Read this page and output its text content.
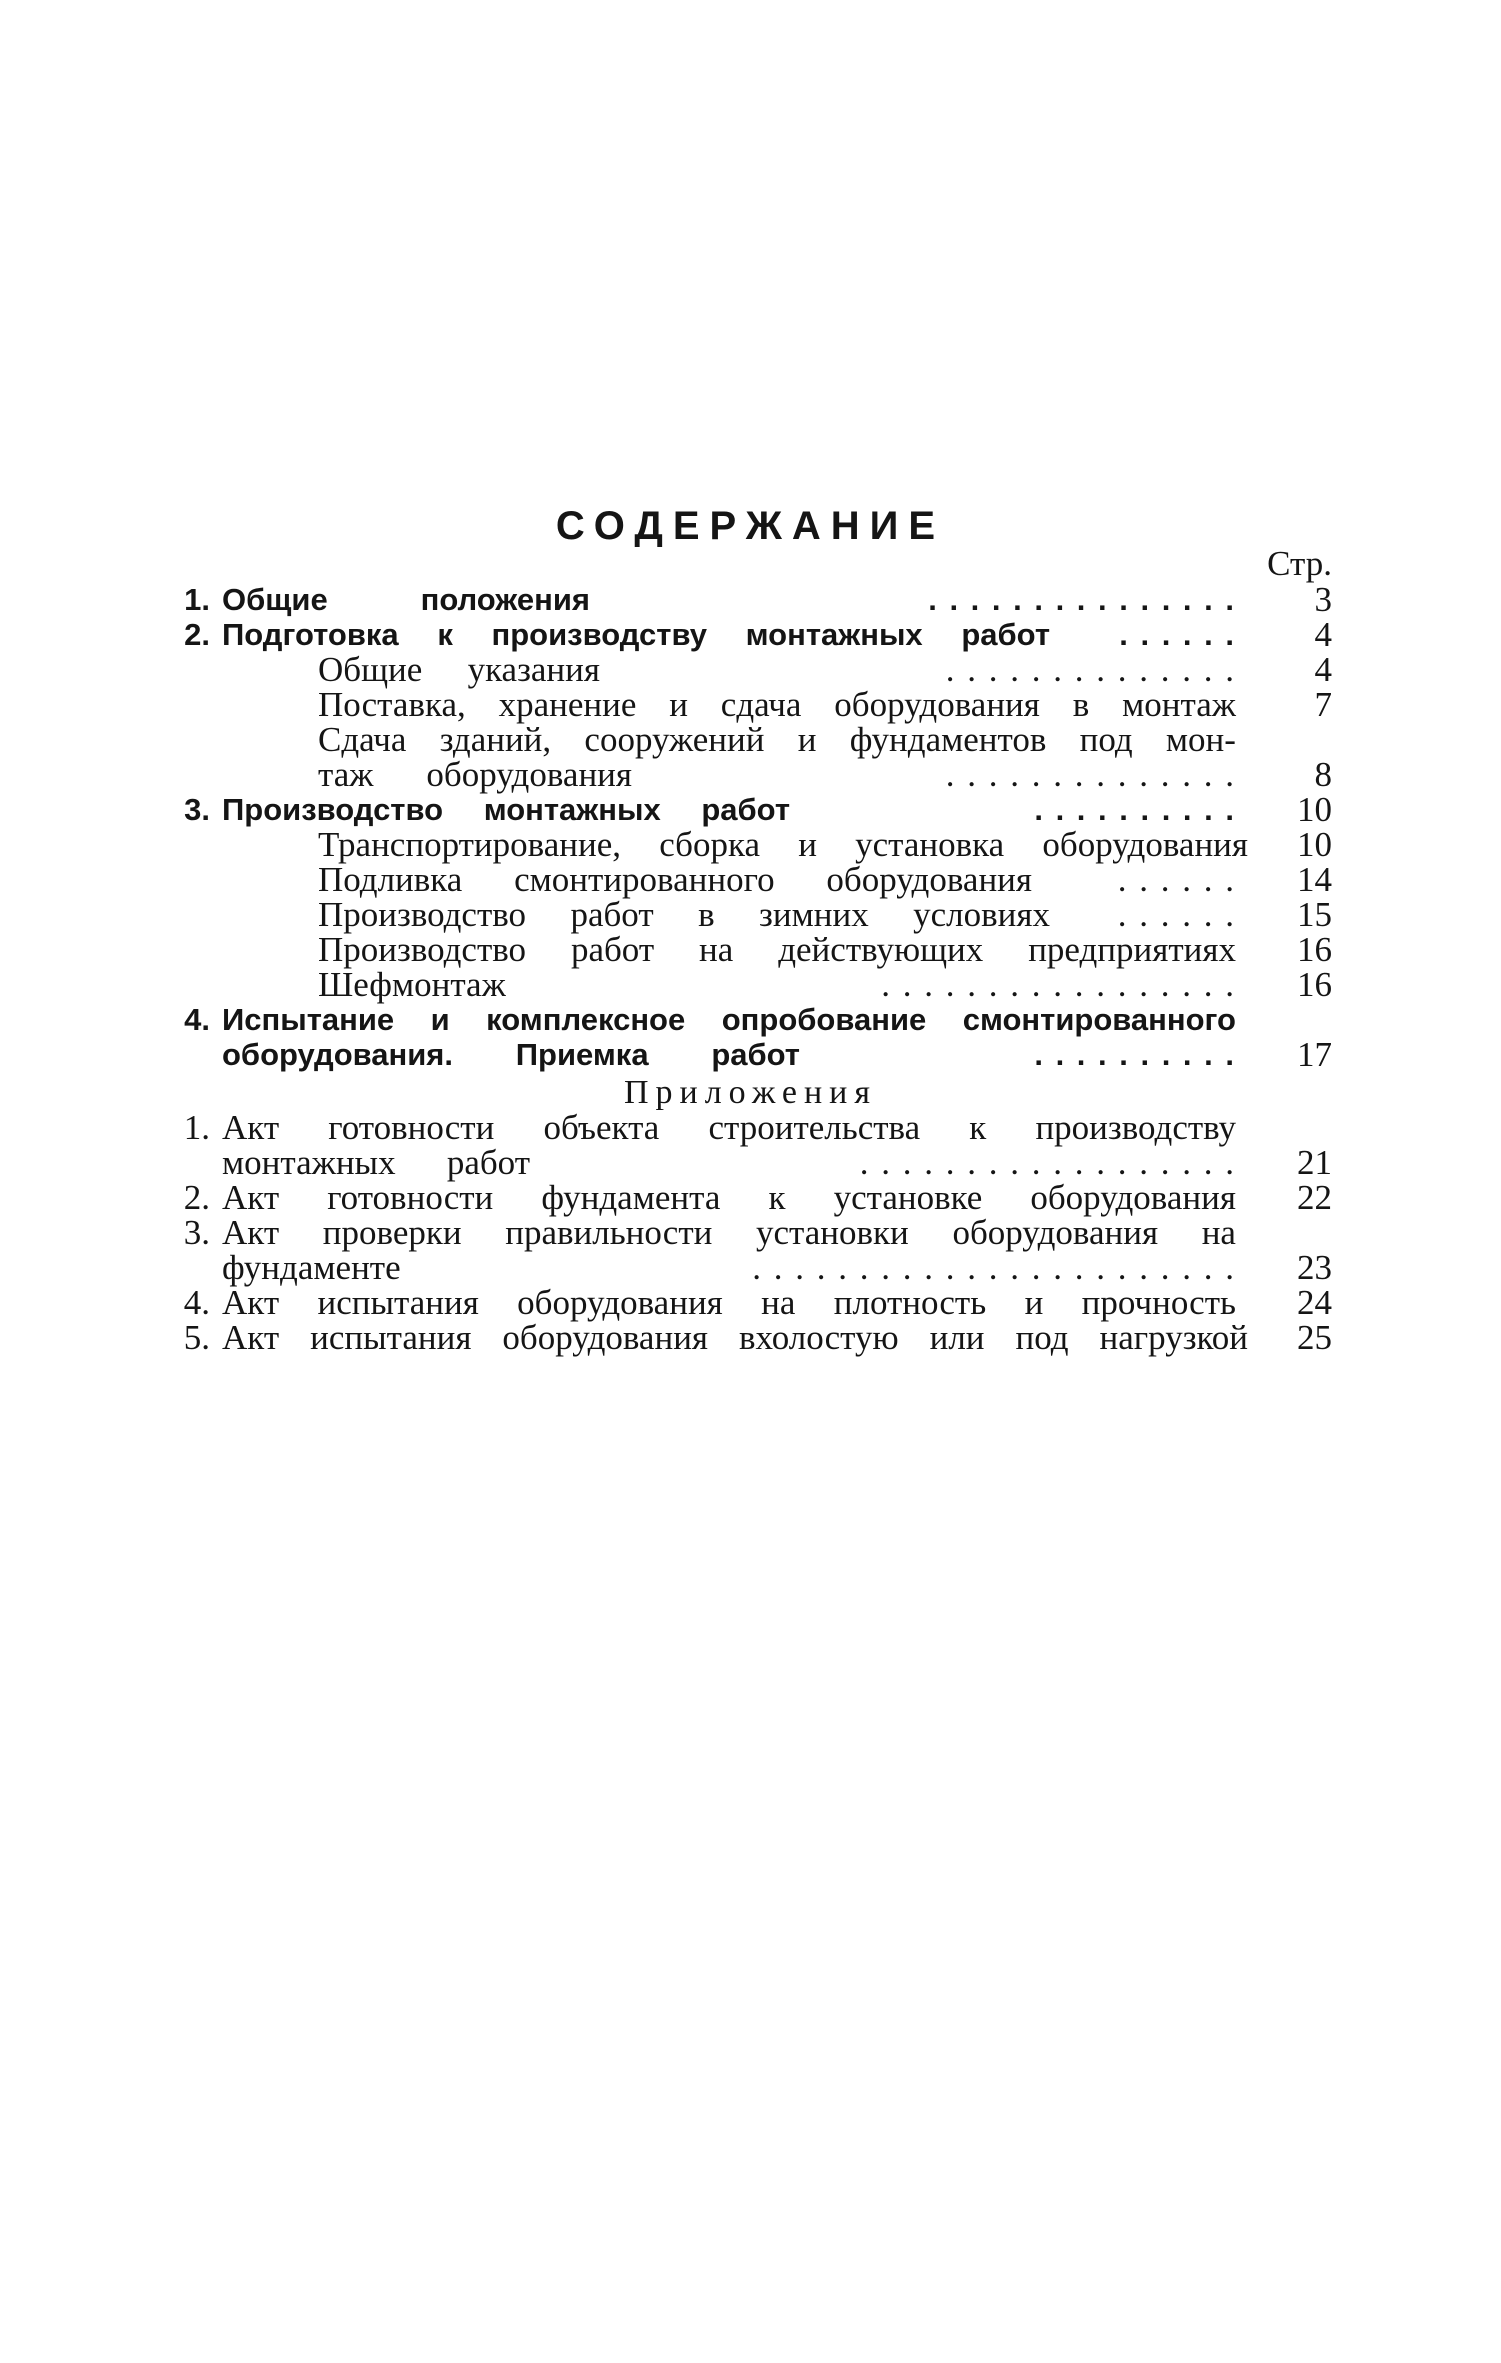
СОДЕРЖАНИЕ
Стр.
1. Общие	положения	. . . . . . . . . . . . . . .	3
2. Подготовка к производству монтажных работ	. . . . . .	4
Общие указания	. . . . . . . . . . . . . .	4
Поставка, хранение и сдача оборудования в монтаж	7
Сдача зданий, сооружений и фундаментов под мон-
таж оборудования	. . . . . . . . . . . . . .	8
3. Производство монтажных работ	. . . . . . . . . .	10
Транспортирование, сборка и установка оборудования	10
Подливка смонтированного оборудования	. . . . . .	14
Производство работ в зимних условиях	. . . . . .	15
Производство работ на действующих предприятиях	16
Шефмонтаж	. . . . . . . . . . . . . . . . .	16
4. Испытание и комплексное опробование смонтированного
оборудования. Приемка работ	. . . . . . . . . .	17
Приложения
1. Акт готовности объекта строительства к производству
монтажных работ	. . . . . . . . . . . . . . . . . .	21
2. Акт готовности фундамента к установке оборудования	22
3. Акт проверки правильности установки оборудования на
фундаменте	. . . . . . . . . . . . . . . . . . . . . . .	23
4. Акт испытания оборудования на плотность и прочность	24
5. Акт испытания оборудования вхолостую или под нагрузкой	25
